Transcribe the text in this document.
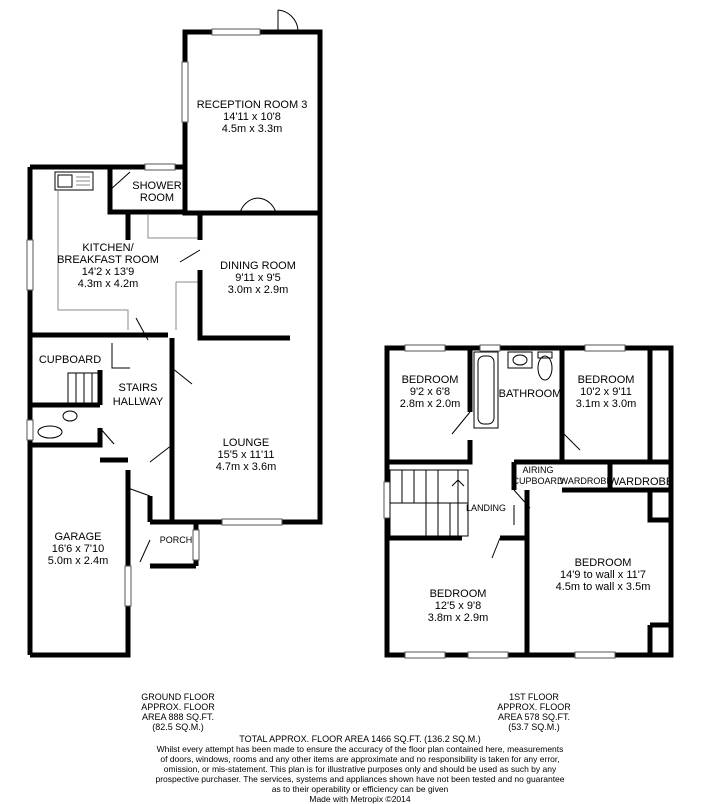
RECEPTION ROOM 3
14'11 x 10'8
4.5m x 3.3m
SHOWER
ROOM
KITCHEN/
BREAKFAST ROOM
14'2 x 13'9
4.3m x 4.2m
DINING ROOM
9'11 x 9'5
3.0m x 2.9m
CUPBOARD
STAIRS
HALLWAY
LOUNGE
15'5 x 11'11
4.7m x 3.6m
GARAGE
16'6 x 7'10
5.0m x 2.4m
PORCH
BEDROOM
9'2 x 6'8
2.8m x 2.0m
BATHROOM
BEDROOM
10'2 x 9'11
3.1m x 3.0m
AIRING
CUPBOARD
WARDROBE
WARDROBE
LANDING
BEDROOM
14'9 to wall x 11'7
4.5m to wall x 3.5m
BEDROOM
12'5 x 9'8
3.8m x 2.9m
GROUND FLOOR
APPROX. FLOOR
AREA 888 SQ.FT.
(82.5 SQ.M.)
1ST FLOOR
APPROX. FLOOR
AREA 578 SQ.FT.
(53.7 SQ.M.)
TOTAL APPROX. FLOOR AREA 1466 SQ.FT. (136.2 SQ.M.)
Whilst every attempt has been made to ensure the accuracy of the floor plan contained here, measurements
of doors, windows, rooms and any other items are approximate and no responsibility is taken for any error,
omission, or mis-statement. This plan is for illustrative purposes only and should be used as such by any
prospective purchaser. The services, systems and appliances shown have not been tested and no guarantee
as to their operability or efficiency can be given
Made with Metropix ©2014
